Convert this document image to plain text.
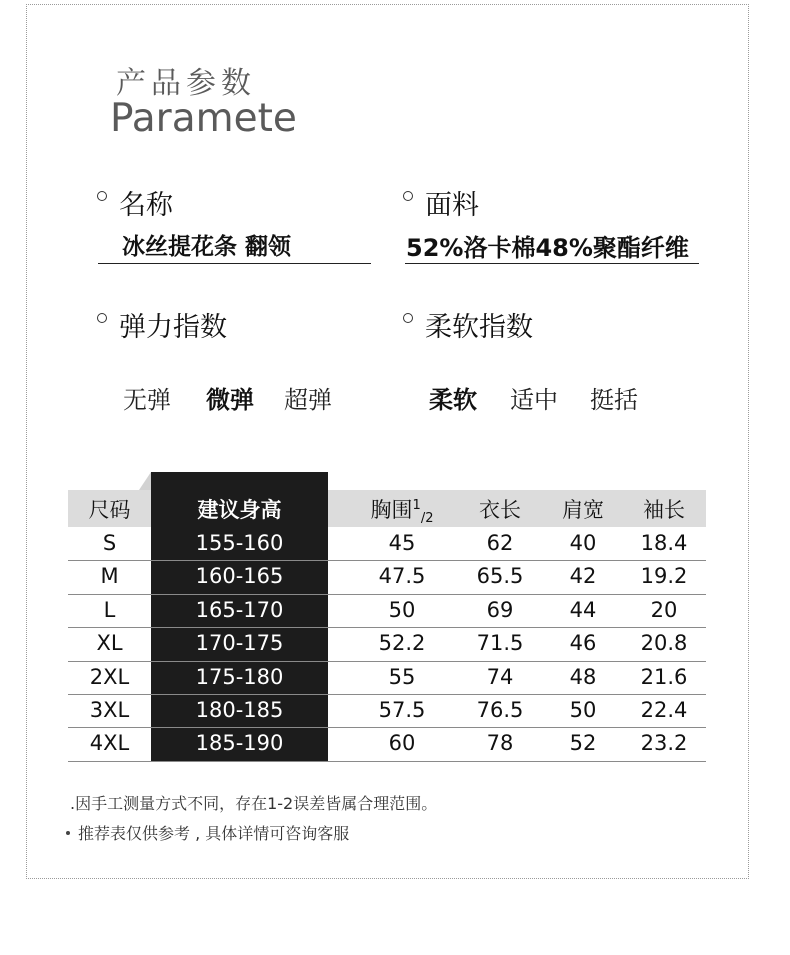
产品参数
Paramete
名称
冰丝提花条 翻领
面料
52%洛卡棉48%聚酯纤维
弹力指数
无弹 微弹 超弹
柔软指数
柔软 适中 挺括
尺码	建议身高	胸围$^1_{/2}$	衣长	肩宽	袖长
S	155-160	45	62	40	18.4
M	160-165	47.5	65.5	42	19.2
L	165-170	50	69	44	20
XL	170-175	52.2	71.5	46	20.8
2XL	175-180	55	74	48	21.6
3XL	180-185	57.5	76.5	50	22.4
4XL	185-190	60	78	52	23.2
.因手工测量方式不同，存在1-2误差皆属合理范围。
推荐表仅供参考 , 具体详情可咨询客服
